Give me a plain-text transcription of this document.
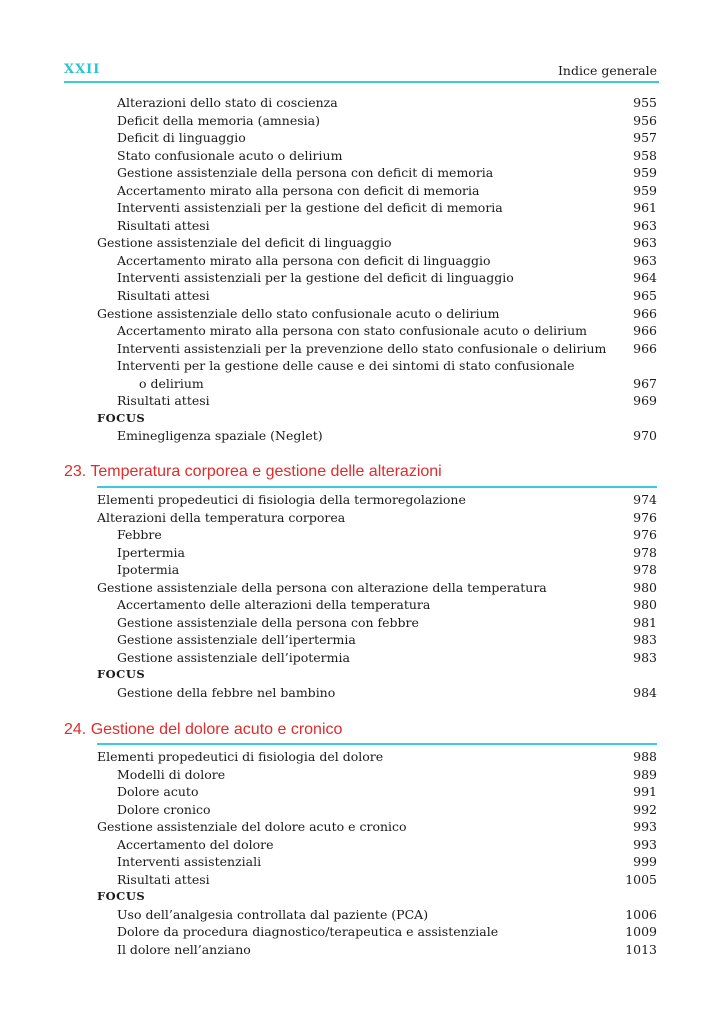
XXII	Indice generale
Alterazioni dello stato di coscienza	955
Deficit della memoria (amnesia)	956
Deficit di linguaggio	957
Stato confusionale acuto o delirium	958
Gestione assistenziale della persona con deficit di memoria	959
Accertamento mirato alla persona con deficit di memoria	959
Interventi assistenziali per la gestione del deficit di memoria	961
Risultati attesi	963
Gestione assistenziale del deficit di linguaggio	963
Accertamento mirato alla persona con deficit di linguaggio	963
Interventi assistenziali per la gestione del deficit di linguaggio	964
Risultati attesi	965
Gestione assistenziale dello stato confusionale acuto o delirium	966
Accertamento mirato alla persona con stato confusionale acuto o delirium	966
Interventi assistenziali per la prevenzione dello stato confusionale o delirium 966
Interventi per la gestione delle cause e dei sintomi di stato confusionale
o delirium	967
Risultati attesi	969
FOCUS
Eminegligenza spaziale (Neglet)	970
23. Temperatura corporea e gestione delle alterazioni
Elementi propedeutici di fisiologia della termoregolazione	974
Alterazioni della temperatura corporea	976
Febbre	976
Ipertermia	978
Ipotermia	978
Gestione assistenziale della persona con alterazione della temperatura	980
Accertamento delle alterazioni della temperatura	980
Gestione assistenziale della persona con febbre	981
Gestione assistenziale dell’ipertermia	983
Gestione assistenziale dell’ipotermia	983
FOCUS
Gestione della febbre nel bambino	984
24. Gestione del dolore acuto e cronico
Elementi propedeutici di fisiologia del dolore	988
Modelli di dolore	989
Dolore acuto	991
Dolore cronico	992
Gestione assistenziale del dolore acuto e cronico	993
Accertamento del dolore	993
Interventi assistenziali	999
Risultati attesi	1005
FOCUS
Uso dell’analgesia controllata dal paziente (PCA)	1006
Dolore da procedura diagnostico/terapeutica e assistenziale	1009
Il dolore nell’anziano	1013
